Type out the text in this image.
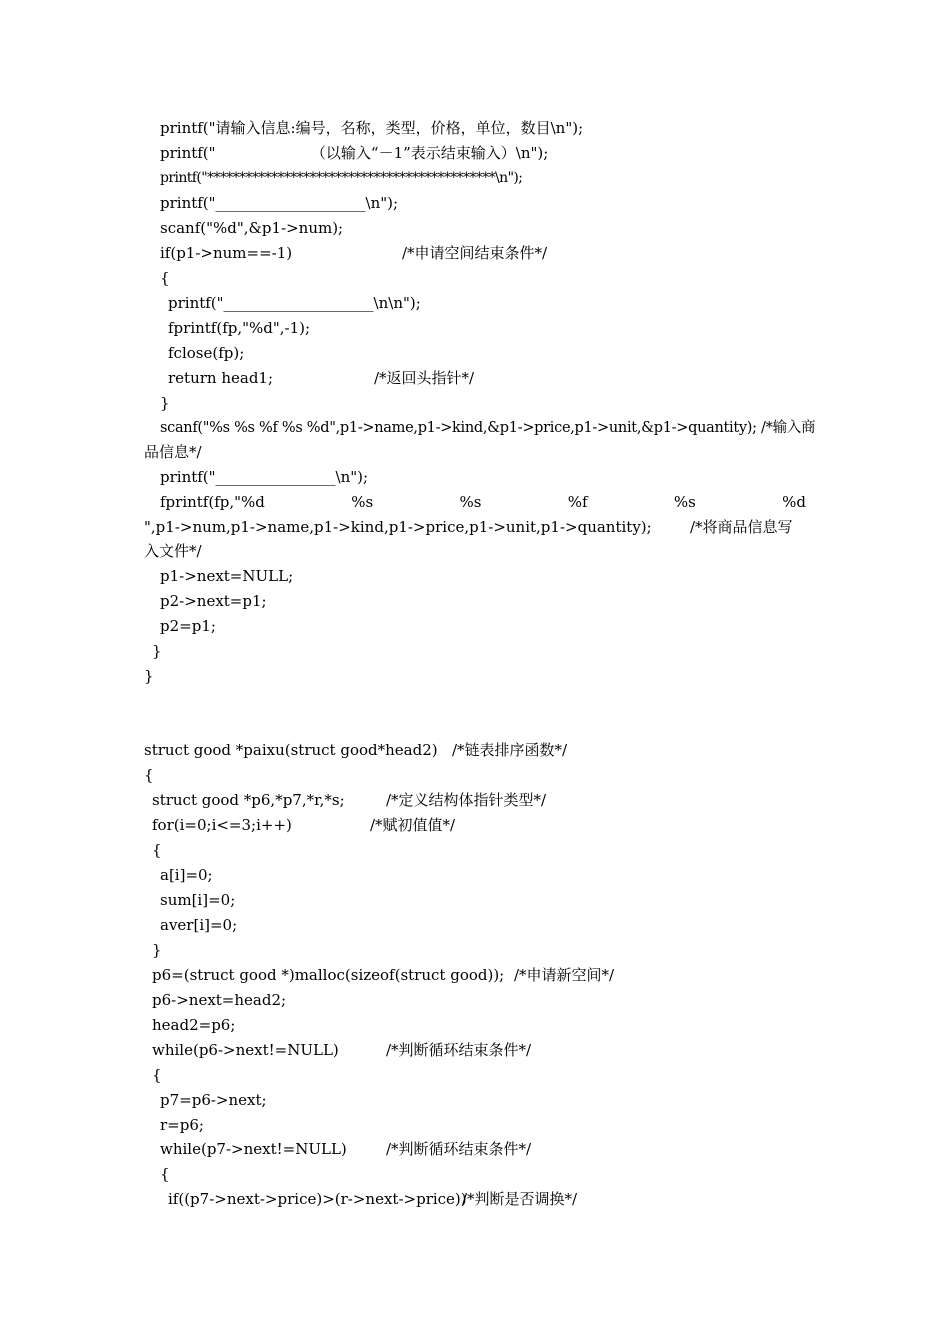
printf("请输入信息:编号，名称，类型，价格，单位，数目\n");
printf("                    （以输入“－1”表示结束输入）\n");
printf("*********************************************\n");
printf("____________________\n");
scanf("%d",&p1->num);
if(p1->num==-1)	/*申请空间结束条件*/
{
printf("____________________\n\n");
fprintf(fp,"%d",-1);
fclose(fp);
return head1;	/*返回头指针*/
}
scanf("%s %s %f %s %d",p1->name,p1->kind,&p1->price,p1->unit,&p1->quantity); /*输入商
品信息*/
printf("________________\n");
fprintf(fp,"%d	%s	%s	%f	%s	%d
",p1->num,p1->name,p1->kind,p1->price,p1->unit,p1->quantity);	/*将商品信息写
入文件*/
p1->next=NULL;
p2->next=p1;
p2=p1;
}
}
struct good *paixu(struct good*head2) /*链表排序函数*/
{
struct good *p6,*p7,*r,*s;	/*定义结构体指针类型*/
for(i=0;i<=3;i++)	/*赋初值值*/
{
a[i]=0;
sum[i]=0;
aver[i]=0;
}
p6=(struct good *)malloc(sizeof(struct good)); /*申请新空间*/
p6->next=head2;
head2=p6;
while(p6->next!=NULL)	/*判断循环结束条件*/
{
p7=p6->next;
r=p6;
while(p7->next!=NULL)	/*判断循环结束条件*/
{
if((p7->next->price)>(r->next->price))
/*判断是否调换*/
